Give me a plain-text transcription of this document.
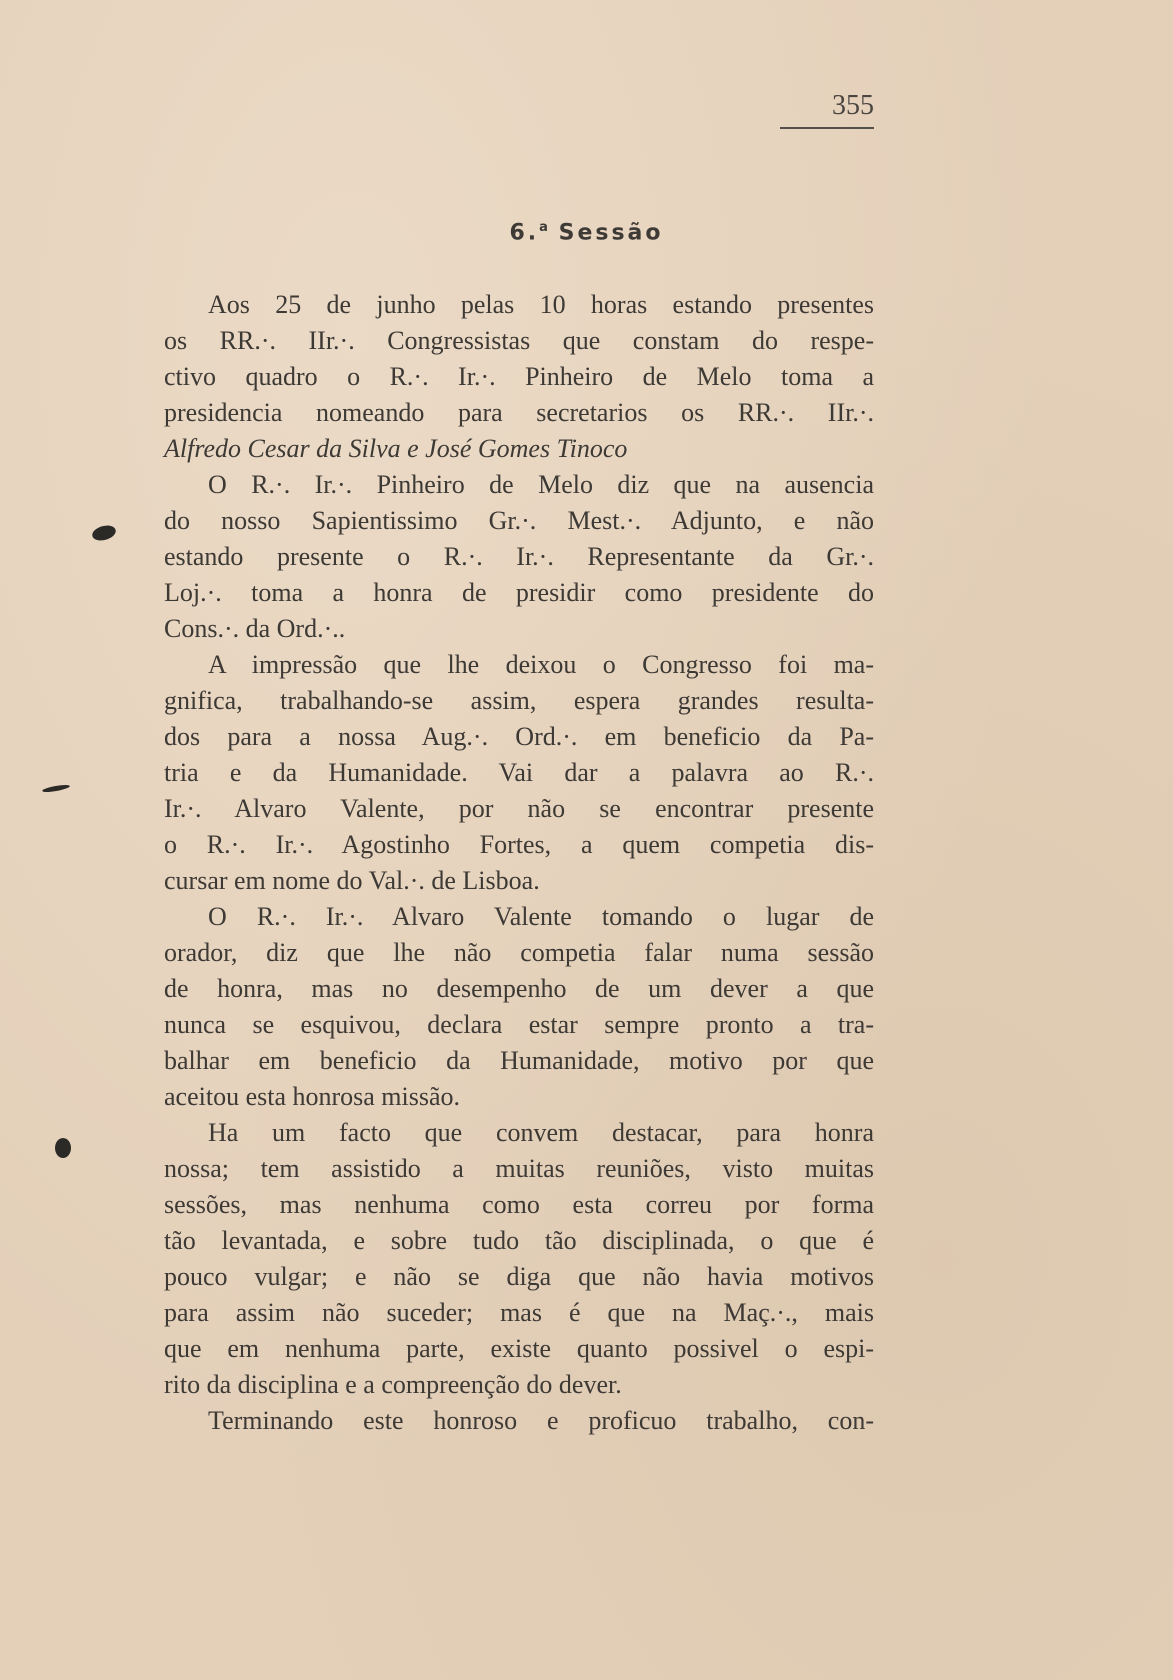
355
6.$^a$ Sessão
Aos 25 de junho pelas 10 horas estando presentes
os RR.·. IIr.·. Congressistas que constam do respe-
ctivo quadro o R.·. Ir.·. Pinheiro de Melo toma a
presidencia nomeando para secretarios os RR.·. IIr.·.
Alfredo Cesar da Silva e José Gomes Tinoco
O R.·. Ir.·. Pinheiro de Melo diz que na ausencia
do nosso Sapientissimo Gr.·. Mest.·. Adjunto, e não
estando presente o R.·. Ir.·. Representante da Gr.·.
Loj.·. toma a honra de presidir como presidente do
Cons.·. da Ord.·..
A impressão que lhe deixou o Congresso foi ma-
gnifica, trabalhando-se assim, espera grandes resulta-
dos para a nossa Aug.·. Ord.·. em beneficio da Pa-
tria e da Humanidade. Vai dar a palavra ao R.·.
Ir.·. Alvaro Valente, por não se encontrar presente
o R.·. Ir.·. Agostinho Fortes, a quem competia dis-
cursar em nome do Val.·. de Lisboa.
O R.·. Ir.·. Alvaro Valente tomando o lugar de
orador, diz que lhe não competia falar numa sessão
de honra, mas no desempenho de um dever a que
nunca se esquivou, declara estar sempre pronto a tra-
balhar em beneficio da Humanidade, motivo por que
aceitou esta honrosa missão.
Ha um facto que convem destacar, para honra
nossa; tem assistido a muitas reuniões, visto muitas
sessões, mas nenhuma como esta correu por forma
tão levantada, e sobre tudo tão disciplinada, o que é
pouco vulgar; e não se diga que não havia motivos
para assim não suceder; mas é que na Maç.·., mais
que em nenhuma parte, existe quanto possivel o espi-
rito da disciplina e a compreenção do dever.
Terminando este honroso e proficuo trabalho, con-
